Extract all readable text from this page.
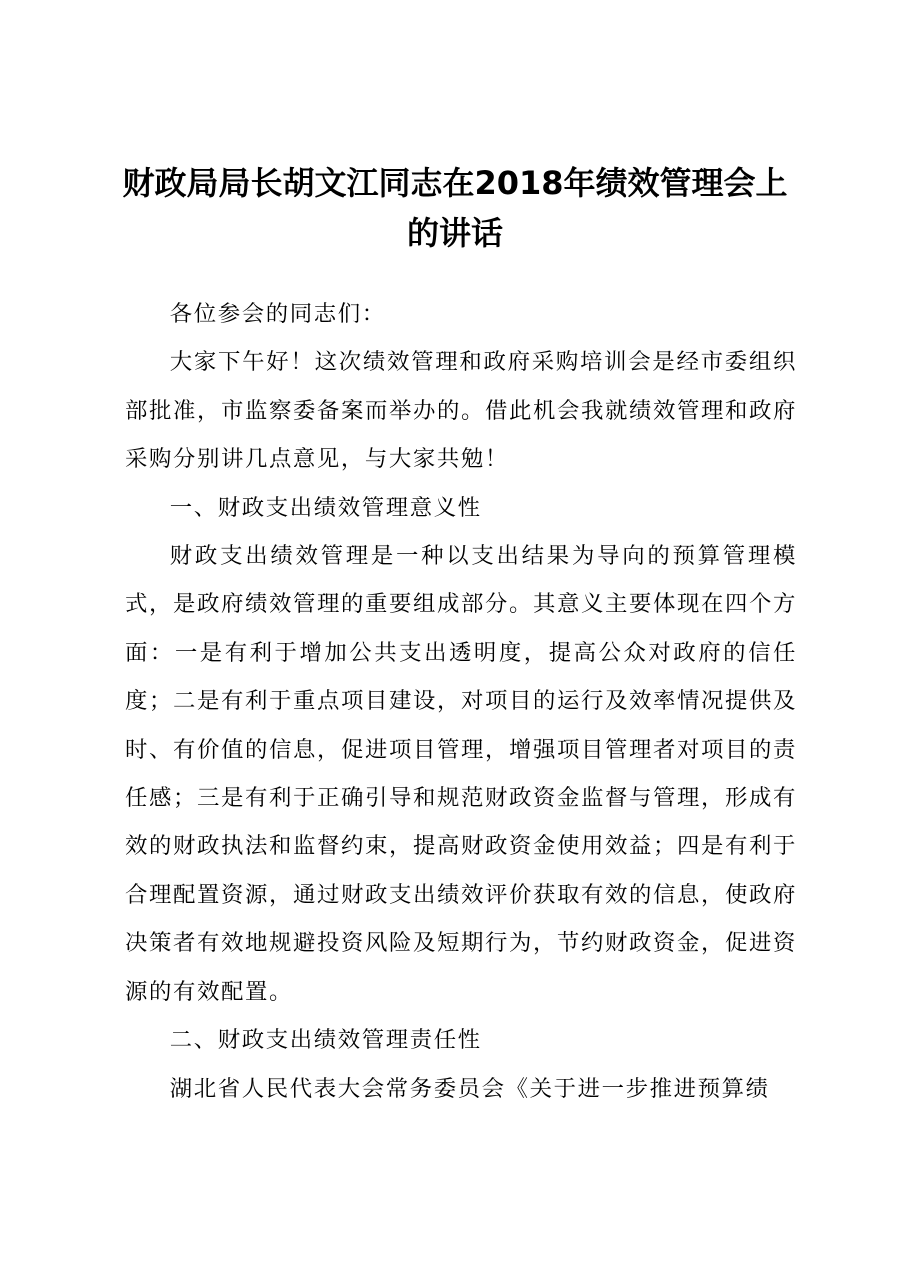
财政局局长胡文江同志在2018年绩效管理会上的讲话

各位参会的同志们：

大家下午好！这次绩效管理和政府采购培训会是经市委组织部批准，市监察委备案而举办的。借此机会我就绩效管理和政府采购分别讲几点意见，与大家共勉！

一、财政支出绩效管理意义性

财政支出绩效管理是一种以支出结果为导向的预算管理模式，是政府绩效管理的重要组成部分。其意义主要体现在四个方面：一是有利于增加公共支出透明度，提高公众对政府的信任度；二是有利于重点项目建设，对项目的运行及效率情况提供及时、有价值的信息，促进项目管理，增强项目管理者对项目的责任感；三是有利于正确引导和规范财政资金监督与管理，形成有效的财政执法和监督约束，提高财政资金使用效益；四是有利于合理配置资源，通过财政支出绩效评价获取有效的信息，使政府决策者有效地规避投资风险及短期行为，节约财政资金，促进资源的有效配置。

二、财政支出绩效管理责任性

湖北省人民代表大会常务委员会《关于进一步推进预算绩
